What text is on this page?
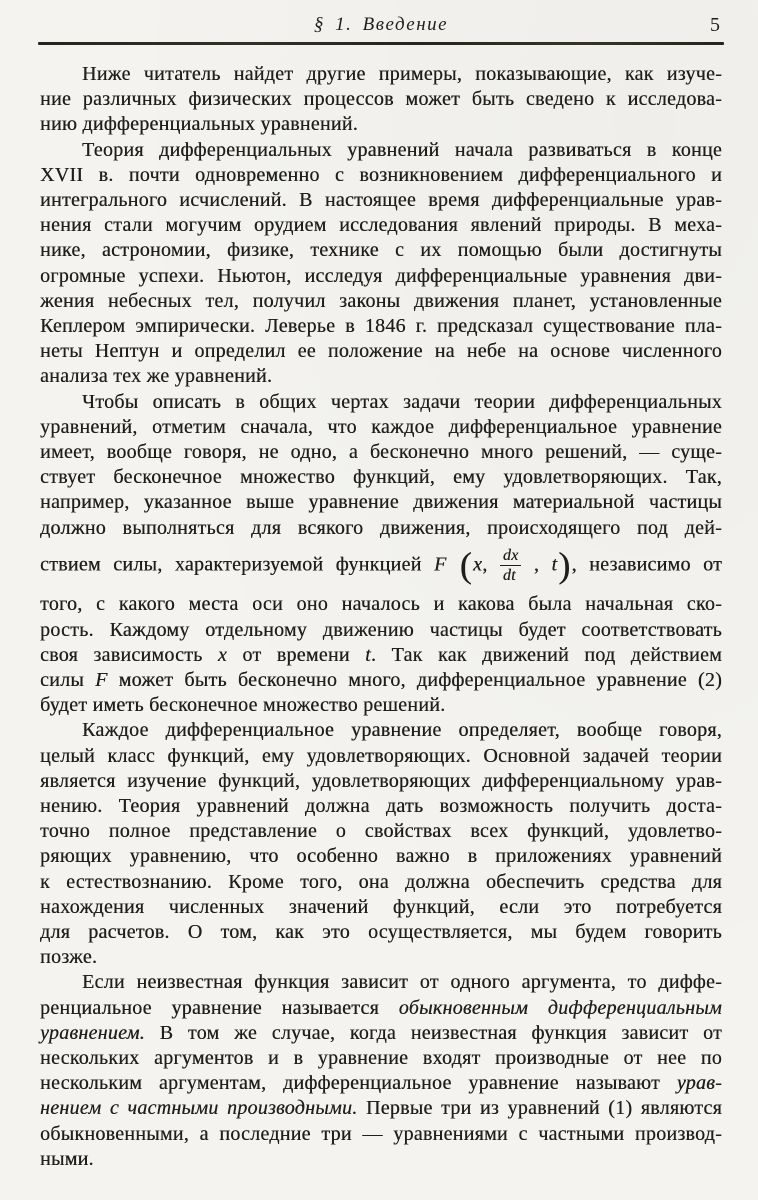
§ 1. Введение	5
Ниже читатель найдет другие примеры, показывающие, как изуче-
ние различных физических процессов может быть сведено к исследова-
нию дифференциальных уравнений.
Теория дифференциальных уравнений начала развиваться в конце
XVII в. почти одновременно с возникновением дифференциального и
интегрального исчислений. В настоящее время дифференциальные урав-
нения стали могучим орудием исследования явлений природы. В меха-
нике, астрономии, физике, технике с их помощью были достигнуты
огромные успехи. Ньютон, исследуя дифференциальные уравнения дви-
жения небесных тел, получил законы движения планет, установленные
Кеплером эмпирически. Леверье в 1846 г. предсказал существование пла-
неты Нептун и определил ее положение на небе на основе численного
анализа тех же уравнений.
Чтобы описать в общих чертах задачи теории дифференциальных
уравнений, отметим сначала, что каждое дифференциальное уравнение
имеет, вообще говоря, не одно, а бесконечно много решений, — суще-
ствует бесконечное множество функций, ему удовлетворяющих. Так,
например, указанное выше уравнение движения материальной частицы
должно выполняться для всякого движения, происходящего под дей-
ствием силы, характеризуемой функцией F (x, $\frac{dx}{dt}$ , t), независимо от
того, с какого места оси оно началось и какова была начальная ско-
рость. Каждому отдельному движению частицы будет соответствовать
своя зависимость x от времени t. Так как движений под действием
силы F может быть бесконечно много, дифференциальное уравнение (2)
будет иметь бесконечное множество решений.
Каждое дифференциальное уравнение определяет, вообще говоря,
целый класс функций, ему удовлетворяющих. Основной задачей теории
является изучение функций, удовлетворяющих дифференциальному урав-
нению. Теория уравнений должна дать возможность получить доста-
точно полное представление о свойствах всех функций, удовлетво-
ряющих уравнению, что особенно важно в приложениях уравнений
к естествознанию. Кроме того, она должна обеспечить средства для
нахождения численных значений функций, если это потребуется
для расчетов. О том, как это осуществляется, мы будем говорить
позже.
Если неизвестная функция зависит от одного аргумента, то диффе-
ренциальное уравнение называется обыкновенным дифференциальным
уравнением. В том же случае, когда неизвестная функция зависит от
нескольких аргументов и в уравнение входят производные от нее по
нескольким аргументам, дифференциальное уравнение называют урав-
нением с частными производными. Первые три из уравнений (1) являются
обыкновенными, а последние три — уравнениями с частными производ-
ными.
